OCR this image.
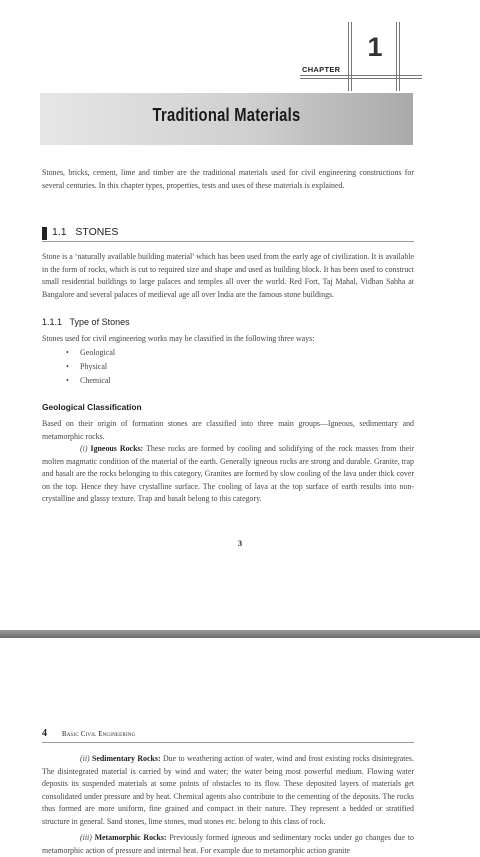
1
CHAPTER
Traditional Materials

Stones, bricks, cement, lime and timber are the traditional materials used for civil engineering constructions for several centuries. In this chapter types, properties, tests and uses of these materials is explained.

1.1 STONES

Stone is a ‘naturally available building material’ which has been used from the early age of civilization. It is available in the form of rocks, which is cut to required size and shape and used as building block. It has been used to construct small residential buildings to large palaces and temples all over the world. Red Fort, Taj Mahal, Vidhan Sabha at Bangalore and several palaces of medieval age all over India are the famous stone buildings.

1.1.1 Type of Stones

Stones used for civil engineering works may be classified in the following three ways:

• Geological
• Physical
• Chemical
Geological Classification

Based on their origin of formation stones are classified into three main groups—Igneous, sedimentary and metamorphic rocks.

(i) Igneous Rocks: These rocks are formed by cooling and solidifying of the rock masses from their molten magmatic condition of the material of the earth. Generally igneous rocks are strong and durable. Granite, trap and basalt are the rocks belonging to this category, Granites are formed by slow cooling of the lava under thick cover on the top. Hence they have crystalline surface. The cooling of lava at the top surface of earth results into non-crystalline and glassy texture. Trap and basalt belong to this category.

3
4 Basic Civil Engineering

(ii) Sedimentary Rocks: Due to weathering action of water, wind and frost existing rocks disintegrates. The disintegrated material is carried by wind and water; the water being most powerful medium. Flowing water deposits its suspended materials at some points of obstacles to its flow. These deposited layers of materials get consolidated under pressure and by heat. Chemical agents also contribute to the cementing of the deposits. The rocks thus formed are more uniform, fine grained and compact in their nature. They represent a bedded or stratified structure in general. Sand stones, lime stones, mud stones etc. belong to this class of rock.

(iii) Metamorphic Rocks: Previously formed igneous and sedimentary rocks under go changes due to metamorphic action of pressure and internal heat. For example due to metamorphic action granite
